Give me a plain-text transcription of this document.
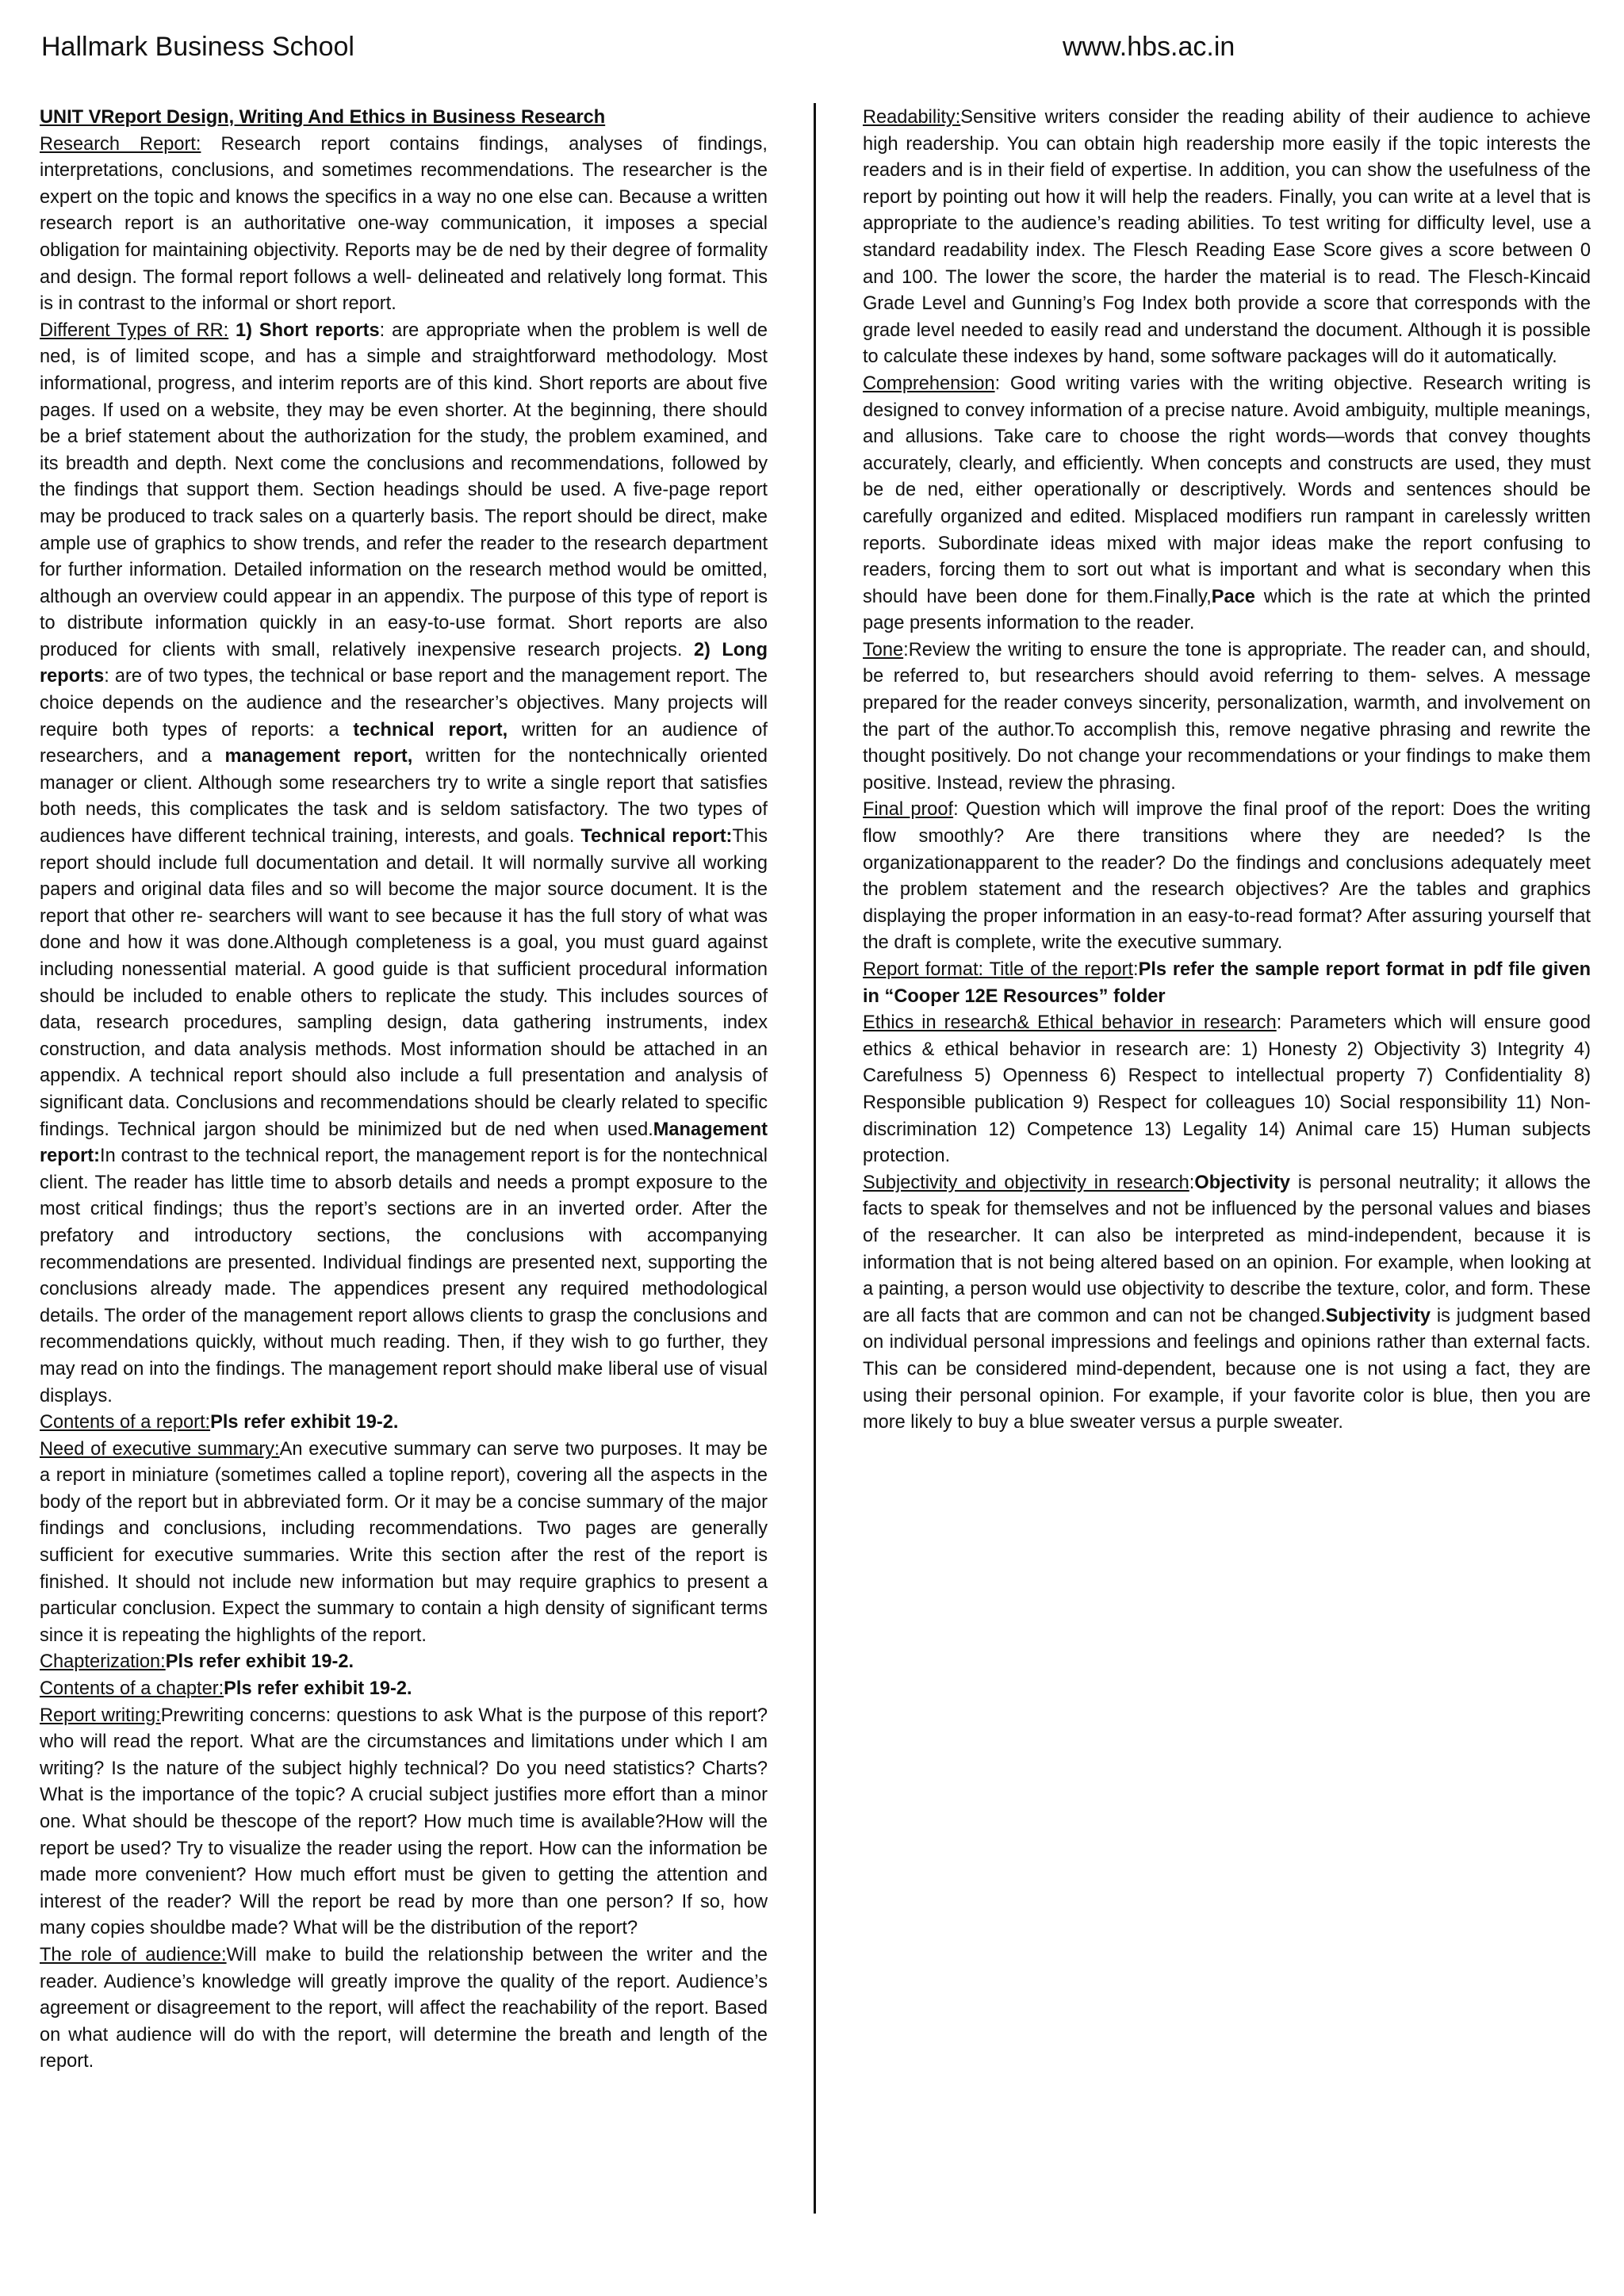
Hallmark Business School	www.hbs.ac.in
UNIT VReport Design, Writing And Ethics in Business Research
Research Report: Research report contains findings, analyses of findings, interpretations, conclusions, and sometimes recommendations. The researcher is the expert on the topic and knows the specifics in a way no one else can. Because a written research report is an authoritative one-way communication, it imposes a special obligation for maintaining objectivity. Reports may be de ned by their degree of formality and design. The formal report follows a well- delineated and relatively long format. This is in contrast to the informal or short report.
Different Types of RR: 1) Short reports: are appropriate when the problem is well de ned, is of limited scope, and has a simple and straightforward methodology. Most informational, progress, and interim reports are of this kind. Short reports are about five pages. If used on a website, they may be even shorter. At the beginning, there should be a brief statement about the authorization for the study, the problem examined, and its breadth and depth. Next come the conclusions and recommendations, followed by the findings that support them. Section headings should be used. A five-page report may be produced to track sales on a quarterly basis. The report should be direct, make ample use of graphics to show trends, and refer the reader to the research department for further information. Detailed information on the research method would be omitted, although an overview could appear in an appendix. The purpose of this type of report is to distribute information quickly in an easy-to-use format. Short reports are also produced for clients with small, relatively inexpensive research projects. 2) Long reports: are of two types, the technical or base report and the management report. The choice depends on the audience and the researcher’s objectives. Many projects will require both types of reports: a technical report, written for an audience of researchers, and a management report, written for the nontechnically oriented manager or client. Although some researchers try to write a single report that satisfies both needs, this complicates the task and is seldom satisfactory. The two types of audiences have different technical training, interests, and goals. Technical report:This report should include full documentation and detail. It will normally survive all working papers and original data files and so will become the major source document. It is the report that other re- searchers will want to see because it has the full story of what was done and how it was done.Although completeness is a goal, you must guard against including nonessential material. A good guide is that sufficient procedural information should be included to enable others to replicate the study. This includes sources of data, research procedures, sampling design, data gathering instruments, index construction, and data analysis methods. Most information should be attached in an appendix. A technical report should also include a full presentation and analysis of significant data. Conclusions and recommendations should be clearly related to specific findings. Technical jargon should be minimized but de ned when used.Management report:In contrast to the technical report, the management report is for the nontechnical client. The reader has little time to absorb details and needs a prompt exposure to the most critical findings; thus the report’s sections are in an inverted order. After the prefatory and introductory sections, the conclusions with accompanying recommendations are presented. Individual findings are presented next, supporting the conclusions already made. The appendices present any required methodological details. The order of the management report allows clients to grasp the conclusions and recommendations quickly, without much reading. Then, if they wish to go further, they may read on into the findings. The management report should make liberal use of visual displays.
Contents of a report:Pls refer exhibit 19-2.
Need of executive summary:An executive summary can serve two purposes. It may be a report in miniature (sometimes called a topline report), covering all the aspects in the body of the report but in abbreviated form. Or it may be a concise summary of the major findings and conclusions, including recommendations. Two pages are generally sufficient for executive summaries. Write this section after the rest of the report is finished. It should not include new information but may require graphics to present a particular conclusion. Expect the summary to contain a high density of significant terms since it is repeating the highlights of the report.
Chapterization:Pls refer exhibit 19-2.
Contents of a chapter:Pls refer exhibit 19-2.
Report writing:Prewriting concerns: questions to ask What is the purpose of this report? who will read the report. What are the circumstances and limitations under which I am writing? Is the nature of the subject highly technical? Do you need statistics? Charts? What is the importance of the topic? A crucial subject justifies more effort than a minor one. What should be thescope of the report? How much time is available?How will the report be used? Try to visualize the reader using the report. How can the information be made more convenient? How much effort must be given to getting the attention and interest of the reader? Will the report be read by more than one person? If so, how many copies shouldbe made? What will be the distribution of the report?
The role of audience:Will make to build the relationship between the writer and the reader. Audience’s knowledge will greatly improve the quality of the report. Audience’s agreement or disagreement to the report, will affect the reachability of the report. Based on what audience will do with the report, will determine the breath and length of the report.
Readability:Sensitive writers consider the reading ability of their audience to achieve high readership. You can obtain high readership more easily if the topic interests the readers and is in their field of expertise. In addition, you can show the usefulness of the report by pointing out how it will help the readers. Finally, you can write at a level that is appropriate to the audience’s reading abilities. To test writing for difficulty level, use a standard readability index. The Flesch Reading Ease Score gives a score between 0 and 100. The lower the score, the harder the material is to read. The Flesch-Kincaid Grade Level and Gunning’s Fog Index both provide a score that corresponds with the grade level needed to easily read and understand the document. Although it is possible to calculate these indexes by hand, some software packages will do it automatically.
Comprehension: Good writing varies with the writing objective. Research writing is designed to convey information of a precise nature. Avoid ambiguity, multiple meanings, and allusions. Take care to choose the right words—words that convey thoughts accurately, clearly, and efficiently. When concepts and constructs are used, they must be de ned, either operationally or descriptively. Words and sentences should be carefully organized and edited. Misplaced modifiers run rampant in carelessly written reports. Subordinate ideas mixed with major ideas make the report confusing to readers, forcing them to sort out what is important and what is secondary when this should have been done for them.Finally,Pace which is the rate at which the printed page presents information to the reader.
Tone:Review the writing to ensure the tone is appropriate. The reader can, and should, be referred to, but researchers should avoid referring to them- selves. A message prepared for the reader conveys sincerity, personalization, warmth, and involvement on the part of the author.To accomplish this, remove negative phrasing and rewrite the thought positively. Do not change your recommendations or your findings to make them positive. Instead, review the phrasing.
Final proof: Question which will improve the final proof of the report: Does the writing flow smoothly? Are there transitions where they are needed? Is the organizationapparent to the reader? Do the findings and conclusions adequately meet the problem statement and the research objectives? Are the tables and graphics displaying the proper information in an easy-to-read format? After assuring yourself that the draft is complete, write the executive summary.
Report format: Title of the report:Pls refer the sample report format in pdf file given in “Cooper 12E Resources” folder
Ethics in research& Ethical behavior in research: Parameters which will ensure good ethics & ethical behavior in research are: 1) Honesty 2) Objectivity 3) Integrity 4) Carefulness 5) Openness 6) Respect to intellectual property 7) Confidentiality 8) Responsible publication 9) Respect for colleagues 10) Social responsibility 11) Non-discrimination 12) Competence 13) Legality 14) Animal care 15) Human subjects protection.
Subjectivity and objectivity in research:Objectivity is personal neutrality; it allows the facts to speak for themselves and not be influenced by the personal values and biases of the researcher. It can also be interpreted as mind-independent, because it is information that is not being altered based on an opinion. For example, when looking at a painting, a person would use objectivity to describe the texture, color, and form. These are all facts that are common and can not be changed.Subjectivity is judgment based on individual personal impressions and feelings and opinions rather than external facts. This can be considered mind-dependent, because one is not using a fact, they are using their personal opinion. For example, if your favorite color is blue, then you are more likely to buy a blue sweater versus a purple sweater.
